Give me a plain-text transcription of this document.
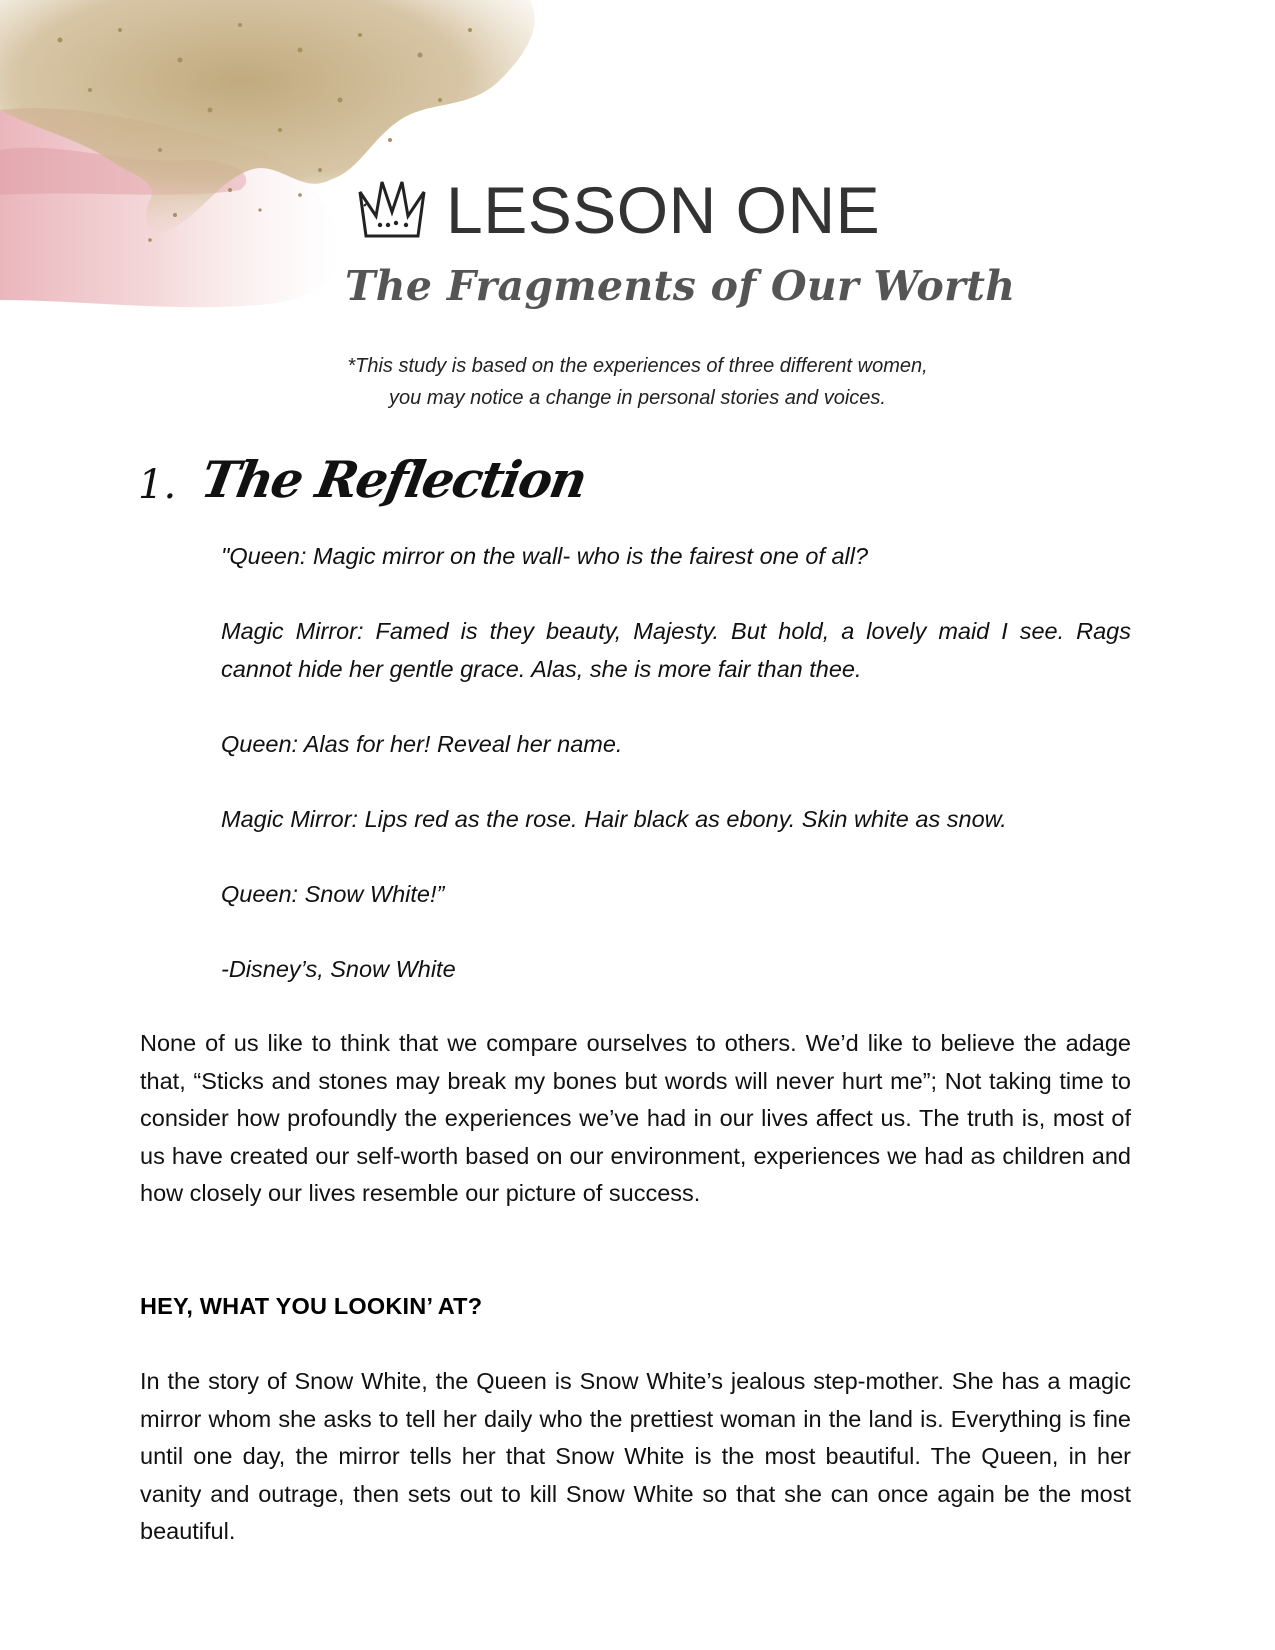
LESSON ONE
The Fragments of Our Worth
*This study is based on the experiences of three different women,
you may notice a change in personal stories and voices.
1. The Reflection

"Queen: Magic mirror on the wall- who is the fairest one of all?

Magic Mirror: Famed is they beauty, Majesty. But hold, a lovely maid I see. Rags cannot hide her gentle grace. Alas, she is more fair than thee.

Queen: Alas for her! Reveal her name.

Magic Mirror: Lips red as the rose. Hair black as ebony. Skin white as snow.

Queen: Snow White!”

-Disney’s, Snow White

None of us like to think that we compare ourselves to others. We’d like to believe the adage that, “Sticks and stones may break my bones but words will never hurt me”; Not taking time to consider how profoundly the experiences we’ve had in our lives affect us. The truth is, most of us have created our self-worth based on our environment, experiences we had as children and how closely our lives resemble our picture of success.
HEY, WHAT YOU LOOKIN’ AT?
In the story of Snow White, the Queen is Snow White’s jealous step-mother. She has a magic mirror whom she asks to tell her daily who the prettiest woman in the land is. Everything is fine until one day, the mirror tells her that Snow White is the most beautiful. The Queen, in her vanity and outrage, then sets out to kill Snow White so that she can once again be the most beautiful.
